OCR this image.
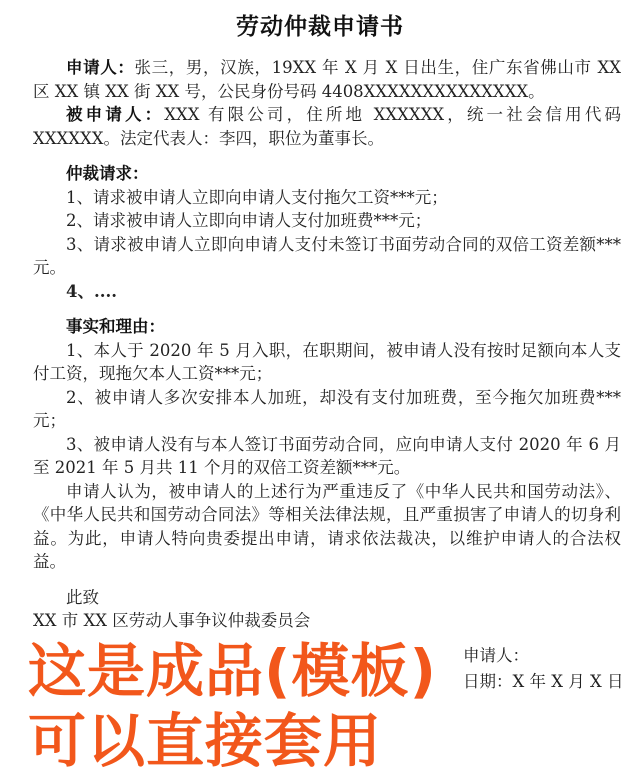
劳动仲裁申请书

申请人：张三，男，汉族，19XX 年 X 月 X 日出生，住广东省佛山市 XX 区 XX 镇 XX 街 XX 号，公民身份号码 4408XXXXXXXXXXXXXX。

被申请人：XXX 有限公司，住所地 XXXXXX，统一社会信用代码 XXXXXX。法定代表人：李四，职位为董事长。

仲裁请求：

1、请求被申请人立即向申请人支付拖欠工资***元；

2、请求被申请人立即向申请人支付加班费***元；

3、请求被申请人立即向申请人支付未签订书面劳动合同的双倍工资差额***元。

4、....

事实和理由：

1、本人于 2020 年 5 月入职，在职期间，被申请人没有按时足额向本人支付工资，现拖欠本人工资***元；

2、被申请人多次安排本人加班，却没有支付加班费，至今拖欠加班费***元；

3、被申请人没有与本人签订书面劳动合同，应向申请人支付 2020 年 6 月至 2021 年 5 月共 11 个月的双倍工资差额***元。

申请人认为，被申请人的上述行为严重违反了《中华人民共和国劳动法》、《中华人民共和国劳动合同法》等相关法律法规，且严重损害了申请人的切身利益。为此，申请人特向贵委提出申请，请求依法裁决，以维护申请人的合法权益。

此致

XX 市 XX 区劳动人事争议仲裁委员会

申请人：
日期：X 年 X 月 X 日
这是成品(模板)
可以直接套用
